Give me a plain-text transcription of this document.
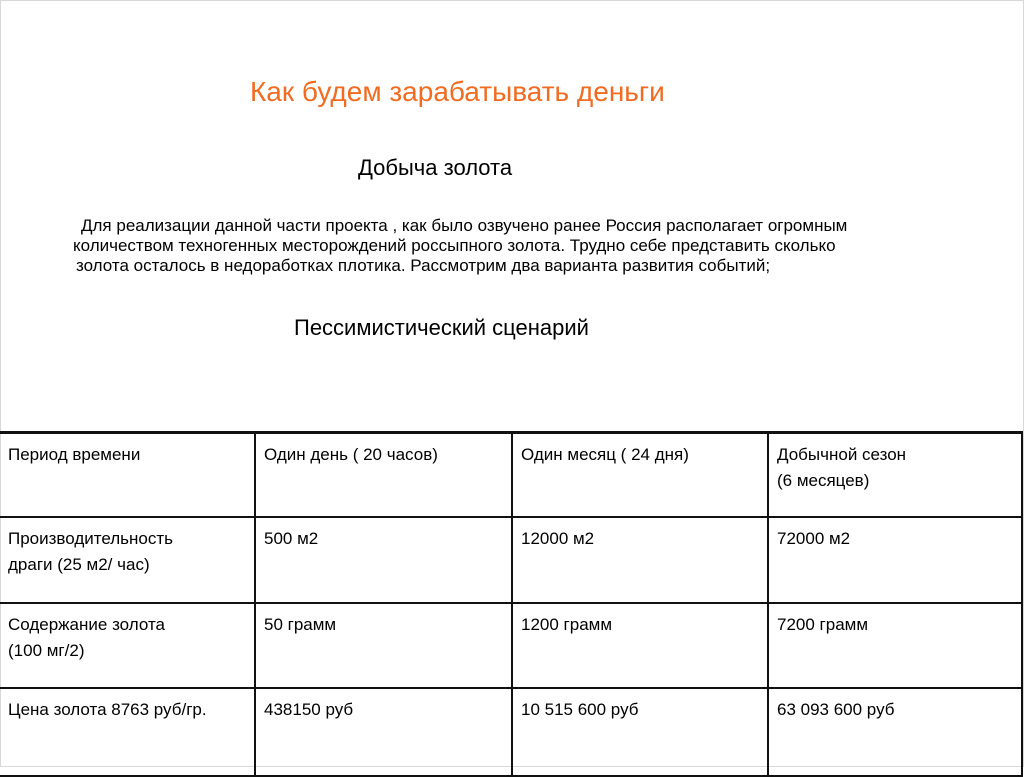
Как будем зарабатывать деньги
Добыча золота
Для реализации данной части проекта , как было озвучено ранее Россия располагает огромным
количеством техногенных месторождений россыпного золота. Трудно себе представить сколько
золота осталось в недоработках плотика. Рассмотрим два варианта развития событий;
Пессимистический сценарий
Период времени	Один день ( 20 часов)	Один месяц ( 24 дня)	Добычной сезон
(6 месяцев)
Производительность
драги (25 м2/ час)	500 м2	12000 м2	72000 м2
Содержание золота
(100 мг/2)	50 грамм	1200 грамм	7200 грамм
Цена золота 8763 руб/гр.	438150 руб	10 515 600 руб	63 093 600 руб
